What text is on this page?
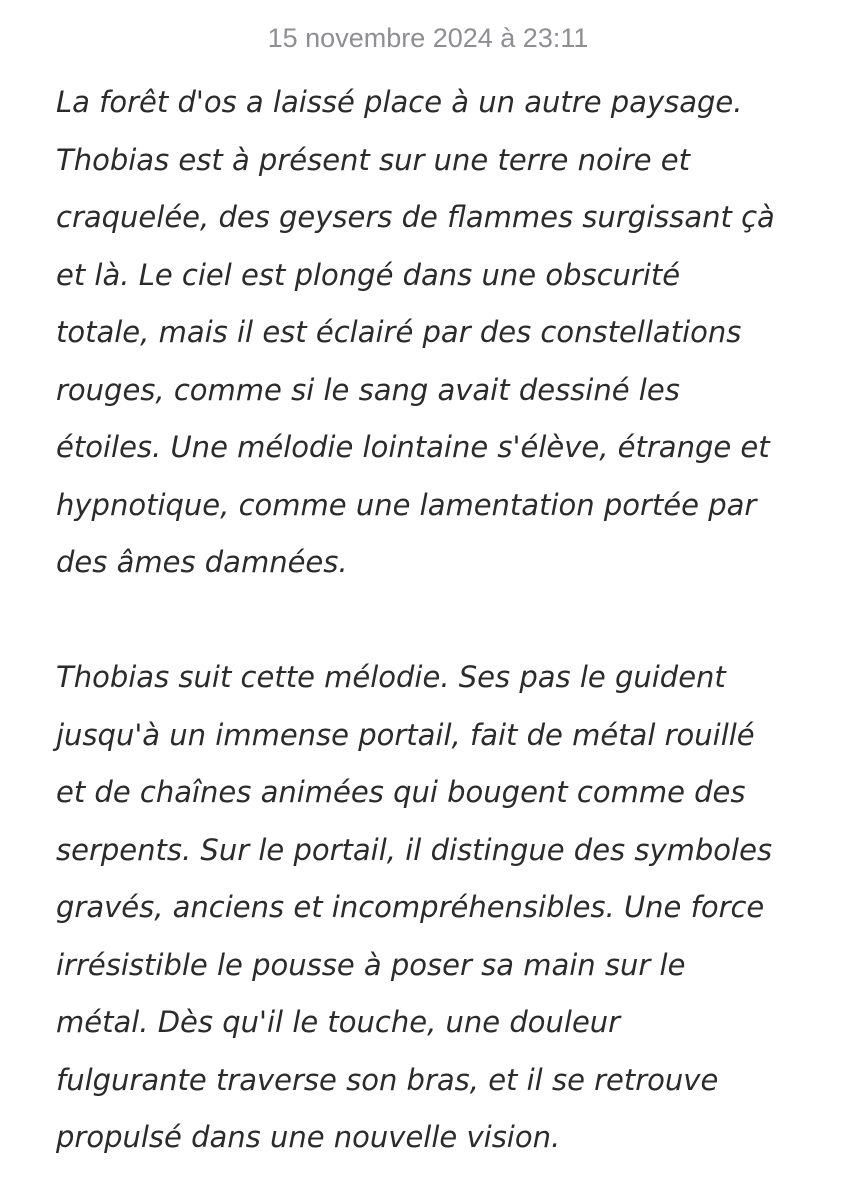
15 novembre 2024 à 23:11

La forêt d'os a laissé place à un autre paysage.
Thobias est à présent sur une terre noire et
craquelée, des geysers de flammes surgissant çà
et là. Le ciel est plongé dans une obscurité
totale, mais il est éclairé par des constellations
rouges, comme si le sang avait dessiné les
étoiles. Une mélodie lointaine s'élève, étrange et
hypnotique, comme une lamentation portée par
des âmes damnées.

Thobias suit cette mélodie. Ses pas le guident
jusqu'à un immense portail, fait de métal rouillé
et de chaînes animées qui bougent comme des
serpents. Sur le portail, il distingue des symboles
gravés, anciens et incompréhensibles. Une force
irrésistible le pousse à poser sa main sur le
métal. Dès qu'il le touche, une douleur
fulgurante traverse son bras, et il se retrouve
propulsé dans une nouvelle vision.
